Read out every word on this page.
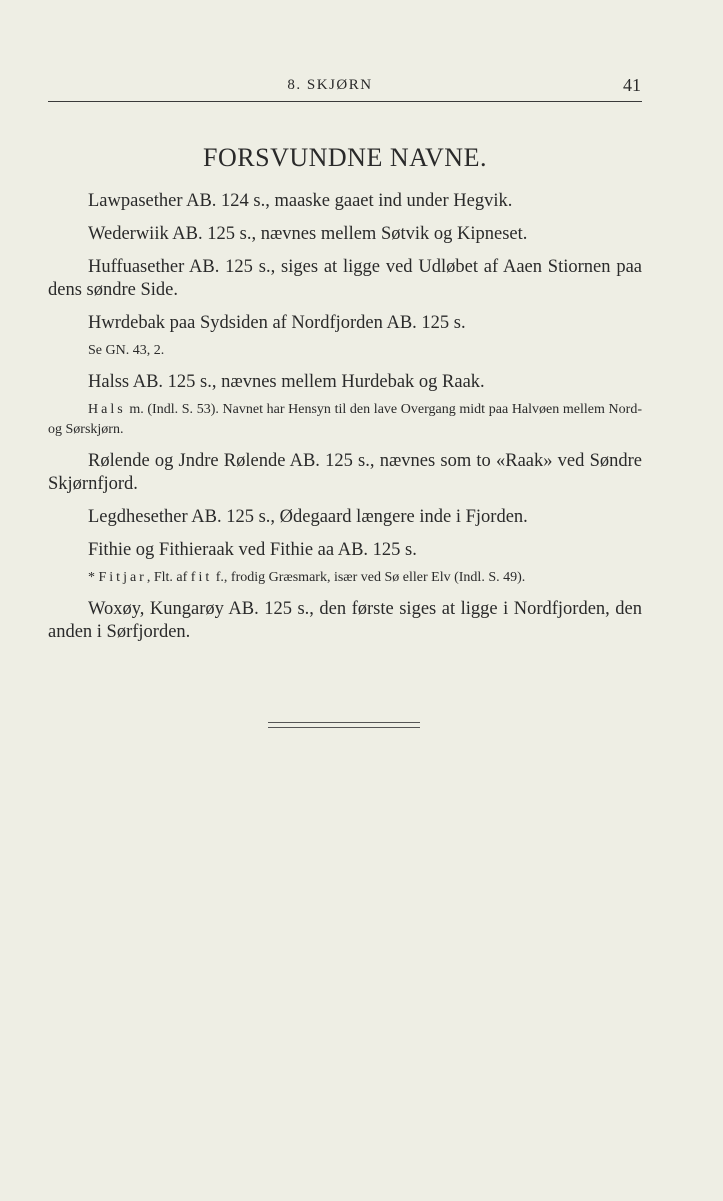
8. SKJØRN	41
FORSVUNDNE NAVNE.

Lawpasether AB. 124 s., maaske gaaet ind under Hegvik.

Wederwiik AB. 125 s., nævnes mellem Søtvik og Kipneset.

Huffuasether AB. 125 s., siges at ligge ved Udløbet af Aaen Stiornen paa dens søndre Side.

Hwrdebak paa Sydsiden af Nordfjorden AB. 125 s.

Se GN. 43, 2.

Halss AB. 125 s., nævnes mellem Hurdebak og Raak.

Hals m. (Indl. S. 53). Navnet har Hensyn til den lave Overgang midt paa Halvøen mellem Nord- og Sørskjørn.

Rølende og Jndre Rølende AB. 125 s., nævnes som to «Raak» ved Søndre Skjørnfjord.

Legdhesether AB. 125 s., Ødegaard længere inde i Fjorden.

Fithie og Fithieraak ved Fithie aa AB. 125 s.

* Fitjar, Flt. af fit f., frodig Græsmark, især ved Sø eller Elv (Indl. S. 49).

Woxøy, Kungarøy AB. 125 s., den første siges at ligge i Nordfjorden, den anden i Sørfjorden.
